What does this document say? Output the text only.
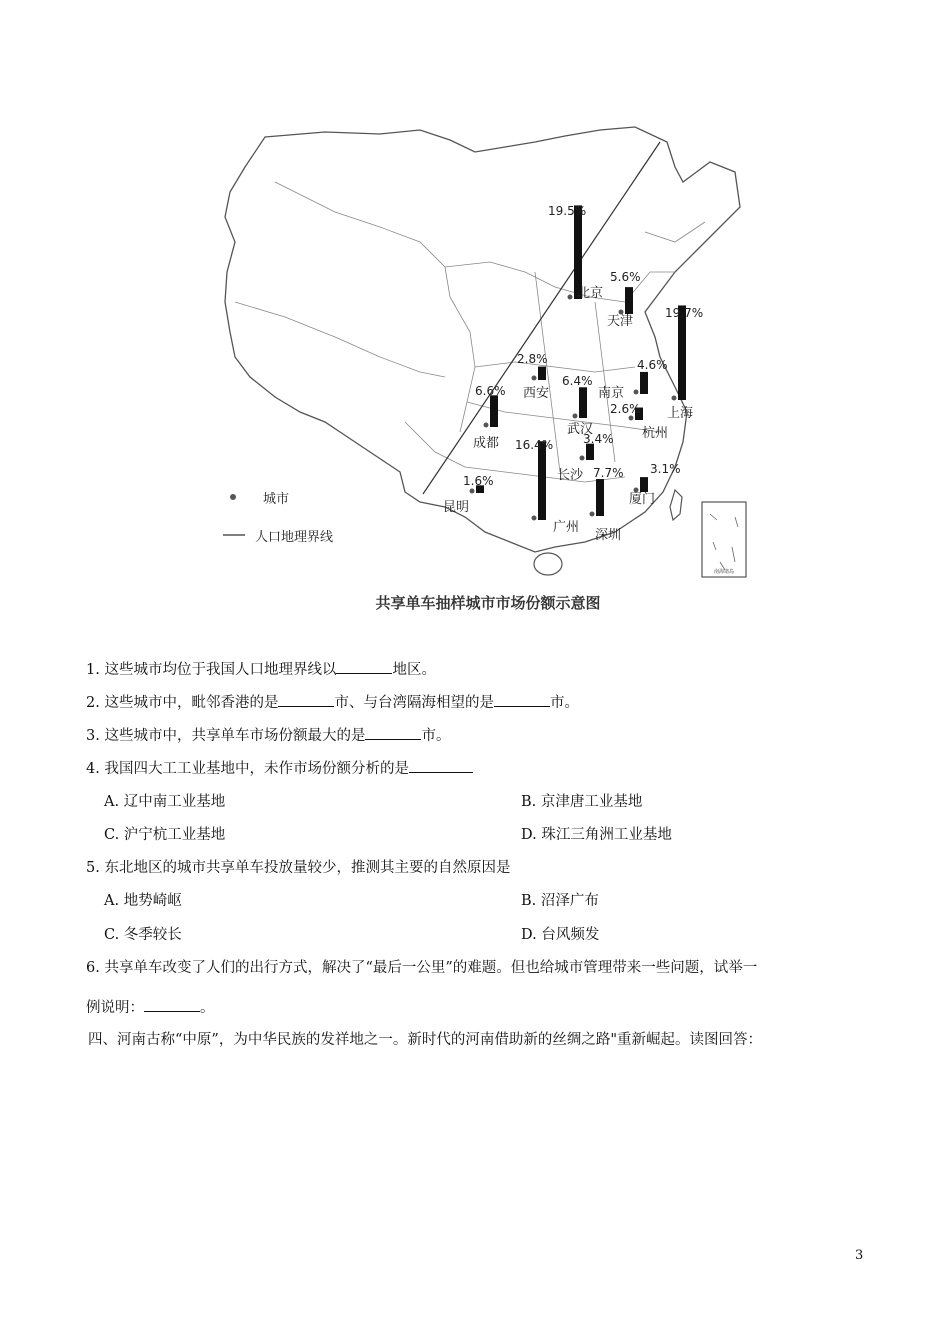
南海诸岛
19.5%
5.6%
19.7%
4.6%
2.8%
6.6%
6.4%
2.6%
3.4%
16.4%
7.7% 3.1%
1.6%
北京
天津
上海
南京
西安
成都
武汉	杭州
长沙
广州
深圳
厦门
昆明
城市
人口地理界线
共享单车抽样城市市场份额示意图
1. 这些城市均位于我国人口地理界线以	地区。
2. 这些城市中，毗邻香港的是	市、与台湾隔海相望的是	市。
3. 这些城市中，共享单车市场份额最大的是	市。
4. 我国四大工工业基地中，未作市场份额分析的是
A. 辽中南工业基地	B. 京津唐工业基地
C. 沪宁杭工业基地	D. 珠江三角洲工业基地
5. 东北地区的城市共享单车投放量较少，推测其主要的自然原因是
A. 地势崎岖	B. 沼泽广布
C. 冬季较长	D. 台风频发
6. 共享单车改变了人们的出行方式，解决了“最后一公里”的难题。但也给城市管理带来一些问题，试举一
例说明：	。
四、河南古称“中原”，为中华民族的发祥地之一。新时代的河南借助新的丝绸之路"重新崛起。读图回答：
3
